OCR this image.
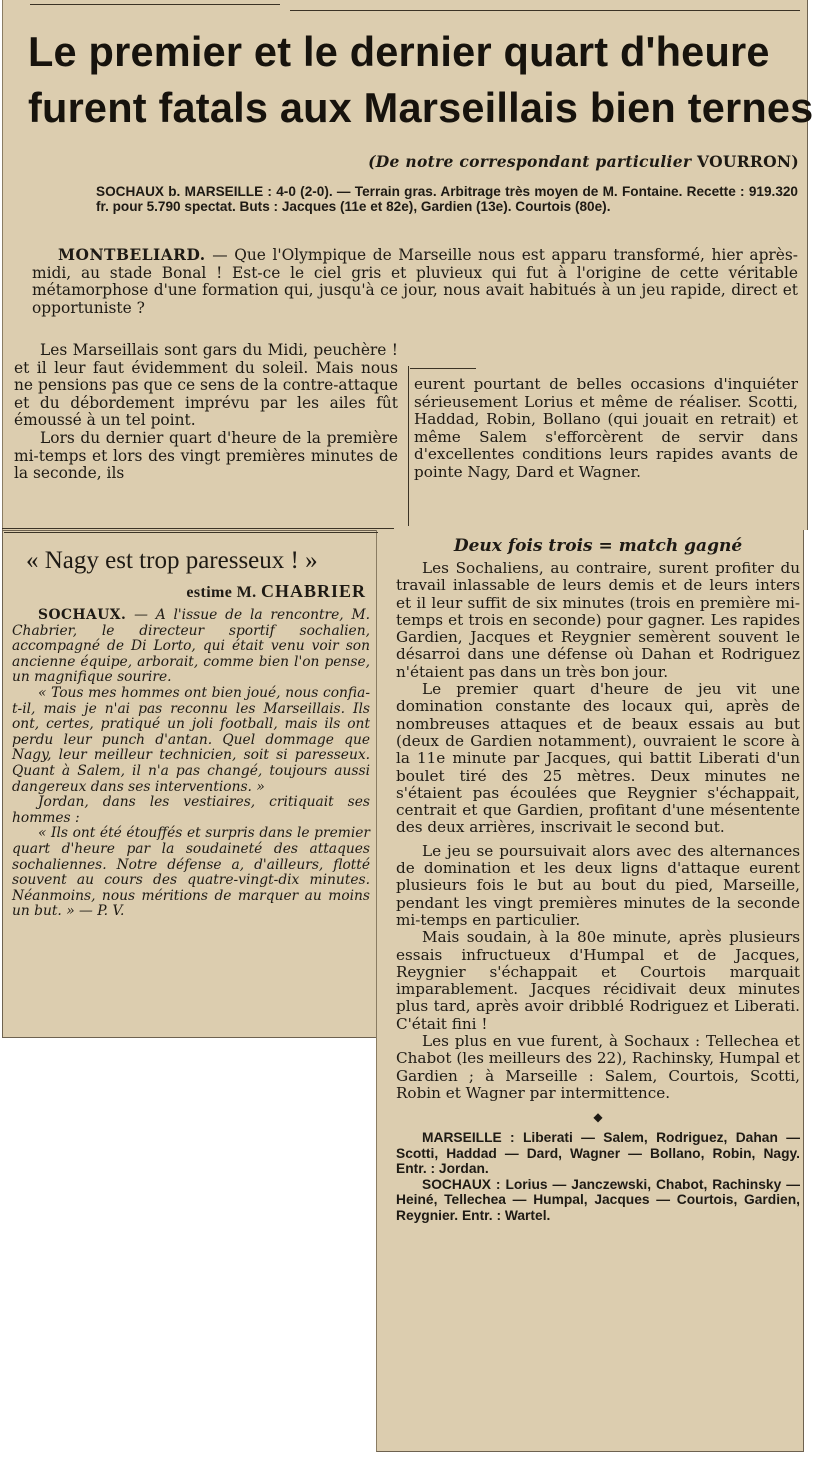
Le premier et le dernier quart d'heure
furent fatals aux Marseillais bien ternes
(De notre correspondant particulier VOURRON)

SOCHAUX b. MARSEILLE : 4-0 (2-0). — Terrain gras. Arbitrage très moyen de M. Fontaine. Recette : 919.320 fr. pour 5.790 spectat. Buts : Jacques (11e et 82e), Gardien (13e). Courtois (80e).

MONTBELIARD. — Que l'Olympique de Marseille nous est apparu transformé, hier après-midi, au stade Bonal ! Est-ce le ciel gris et pluvieux qui fut à l'origine de cette véritable métamorphose d'une formation qui, jusqu'à ce jour, nous avait habitués à un jeu rapide, direct et opportuniste ?

Les Marseillais sont gars du Midi, peuchère ! et il leur faut évidemment du soleil. Mais nous ne pensions pas que ce sens de la contre-attaque et du débordement imprévu par les ailes fût émoussé à un tel point.

Lors du dernier quart d'heure de la première mi-temps et lors des vingt premières minutes de la seconde, ils

eurent pourtant de belles occasions d'inquiéter sérieusement Lorius et même de réaliser. Scotti, Haddad, Robin, Bollano (qui jouait en retrait) et même Salem s'efforcèrent de servir dans d'excellentes conditions leurs rapides avants de pointe Nagy, Dard et Wagner.

« Nagy est trop paresseux ! »
estime M. CHABRIER

SOCHAUX. — A l'issue de la rencontre, M. Chabrier, le directeur sportif sochalien, accompagné de Di Lorto, qui était venu voir son ancienne équipe, arborait, comme bien l'on pense, un magnifique sourire.

« Tous mes hommes ont bien joué, nous confia-t-il, mais je n'ai pas reconnu les Marseillais. Ils ont, certes, pratiqué un joli football, mais ils ont perdu leur punch d'antan. Quel dommage que Nagy, leur meilleur technicien, soit si paresseux. Quant à Salem, il n'a pas changé, toujours aussi dangereux dans ses interventions. »

Jordan, dans les vestiaires, critiquait ses hommes :

« Ils ont été étouffés et surpris dans le premier quart d'heure par la soudaineté des attaques sochaliennes. Notre défense a, d'ailleurs, flotté souvent au cours des quatre-vingt-dix minutes. Néanmoins, nous méritions de marquer au moins un but. » — P. V.

Deux fois trois = match gagné

Les Sochaliens, au contraire, surent profiter du travail inlassable de leurs demis et de leurs inters et il leur suffit de six minutes (trois en première mi-temps et trois en seconde) pour gagner. Les rapides Gardien, Jacques et Reygnier semèrent souvent le désarroi dans une défense où Dahan et Rodriguez n'étaient pas dans un très bon jour.

Le premier quart d'heure de jeu vit une domination constante des locaux qui, après de nombreuses attaques et de beaux essais au but (deux de Gardien notamment), ouvraient le score à la 11e minute par Jacques, qui battit Liberati d'un boulet tiré des 25 mètres. Deux minutes ne s'étaient pas écoulées que Reygnier s'échappait, centrait et que Gardien, profitant d'une mésentente des deux arrières, inscrivait le second but.

Le jeu se poursuivait alors avec des alternances de domination et les deux ligns d'attaque eurent plusieurs fois le but au bout du pied, Marseille, pendant les vingt premières minutes de la seconde mi-temps en particulier.

Mais soudain, à la 80e minute, après plusieurs essais infructueux d'Humpal et de Jacques, Reygnier s'échappait et Courtois marquait imparablement. Jacques récidivait deux minutes plus tard, après avoir dribblé Rodriguez et Liberati. C'était fini !

Les plus en vue furent, à Sochaux : Tellechea et Chabot (les meilleurs des 22), Rachinsky, Humpal et Gardien ; à Marseille : Salem, Courtois, Scotti, Robin et Wagner par intermittence.

◆

MARSEILLE : Liberati — Salem, Rodriguez, Dahan — Scotti, Haddad — Dard, Wagner — Bollano, Robin, Nagy. Entr. : Jordan.

SOCHAUX : Lorius — Janczewski, Chabot, Rachinsky — Heiné, Tellechea — Humpal, Jacques — Courtois, Gardien, Reygnier. Entr. : Wartel.
